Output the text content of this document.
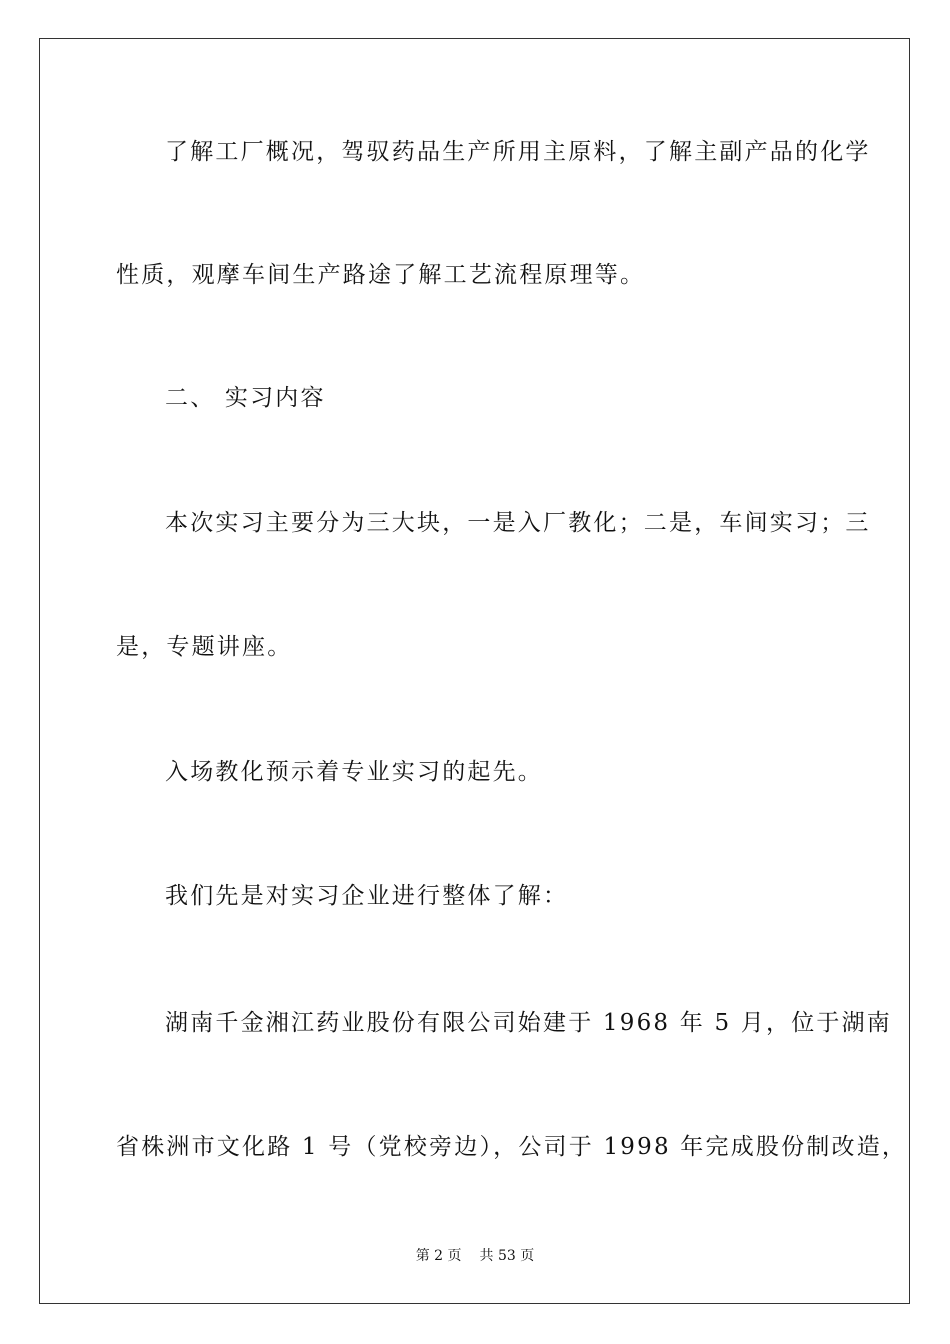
了解工厂概况，驾驭药品生产所用主原料，了解主副产品的化学
性质，观摩车间生产路途了解工艺流程原理等。
二、 实习内容
本次实习主要分为三大块，一是入厂教化；二是，车间实习；三
是，专题讲座。
入场教化预示着专业实习的起先。
我们先是对实习企业进行整体了解：
湖南千金湘江药业股份有限公司始建于 1968 年 5 月，位于湖南
省株洲市文化路 1 号（党校旁边），公司于 1998 年完成股份制改造，
第 2 页 共 53 页
